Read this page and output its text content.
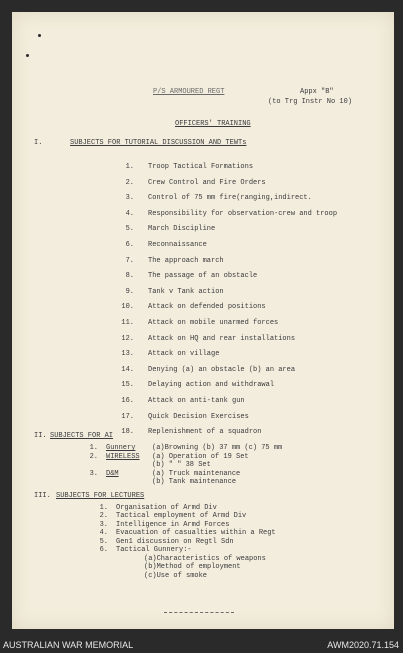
P/S ARMOURED REGT	Appx "B"
(to Trg Instr No 10)
OFFICERS' TRAINING
I.	SUBJECTS FOR TUTORIAL DISCUSSION AND TEWTs
1. Troop Tactical Formations
2. Crew Control and Fire Orders
3. Control of 75 mm fire(ranging,indirect.
4. Responsibility for observation-crew and troop
5. March Discipline
6. Reconnaissance
7. The approach march
8. The passage of an obstacle
9. Tank v Tank action
10. Attack on defended positions
11. Attack on mobile unarmed forces
12. Attack on HQ and rear installations
13. Attack on village
14. Denying (a) an obstacle (b) an area
15. Delaying action and withdrawal
16. Attack on anti-tank gun
17. Quick Decision Exercises
18. Replenishment of a squadron
II. SUBJECTS FOR AI
1. Gunnery (a)Browning (b) 37 mm (c) 75 mm
2. WIRELESS (a) Operation of 19 Set
(b) " " 38 Set
3. D&M	(a) Truck maintenance
(b) Tank maintenance
III. SUBJECTS FOR LECTURES
1. Organisation of Armd Div
2. Tactical employment of Armd Div
3. Intelligence in Armd Forces
4. Evacuation of casualties within a Regt
5. Gen1 discussion on Regtl Sdn
6. Tactical Gunnery:-
(a)Characteristics of weapons
(b)Method of employment
(c)Use of smoke
AUSTRALIAN WAR MEMORIAL	AWM2020.71.154
